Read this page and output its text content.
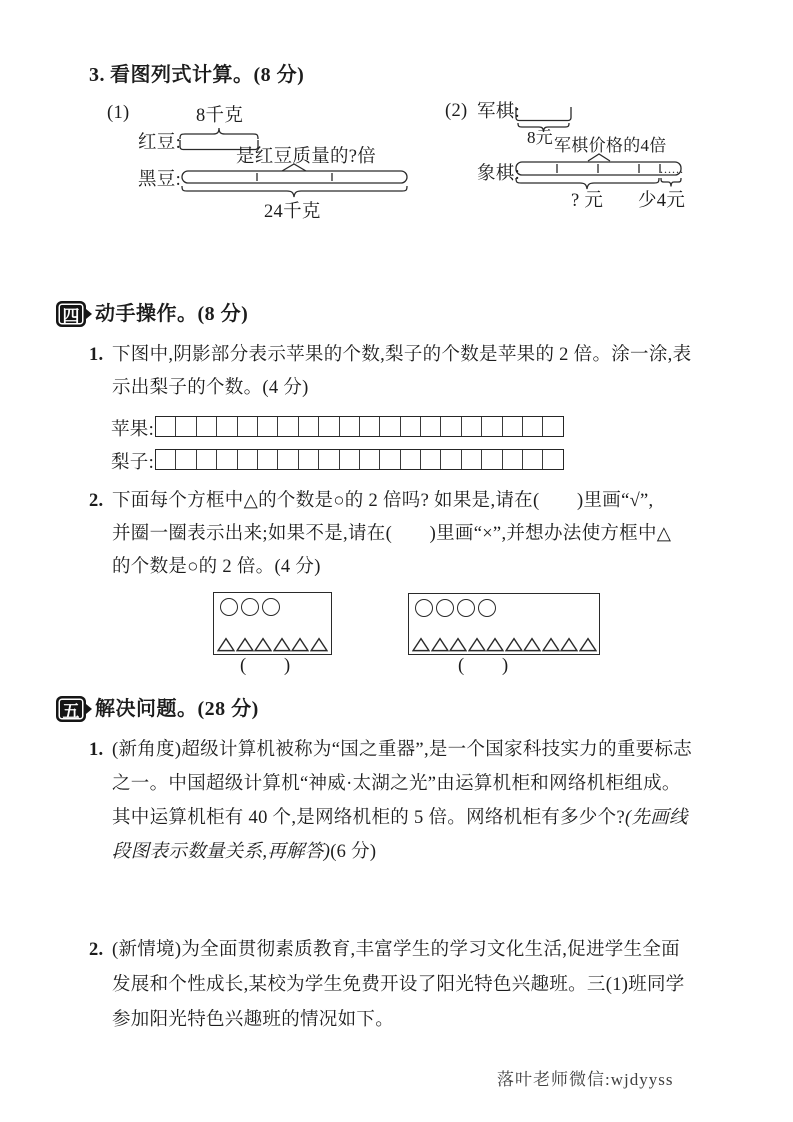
3. 看图列式计算。(8 分)
(1)	8千克
红豆:
是红豆质量的?倍
黑豆:
24千克
(2) 军棋:
8元 军棋价格的4倍
象棋:	......
? 元 少4元
四 动手操作。(8 分)
1. 下图中,阴影部分表示苹果的个数,梨子的个数是苹果的 2 倍。涂一涂,表
示出梨子的个数。(4 分)
苹果:
梨子:
2. 下面每个方框中△的个数是○的 2 倍吗? 如果是,请在(　　)里画“√”,
并圈一圈表示出来;如果不是,请在(　　)里画“×”,并想办法使方框中△
的个数是○的 2 倍。(4 分)
(　　)	(　　)
五 解决问题。(28 分)
1. (新角度)超级计算机被称为“国之重器”,是一个国家科技实力的重要标志
之一。中国超级计算机“神威·太湖之光”由运算机柜和网络机柜组成。
其中运算机柜有 40 个,是网络机柜的 5 倍。网络机柜有多少个?(先画线
段图表示数量关系,再解答)(6 分)
2. (新情境)为全面贯彻素质教育,丰富学生的学习文化生活,促进学生全面
发展和个性成长,某校为学生免费开设了阳光特色兴趣班。三(1)班同学
参加阳光特色兴趣班的情况如下。
落叶老师微信:wjdyyss
